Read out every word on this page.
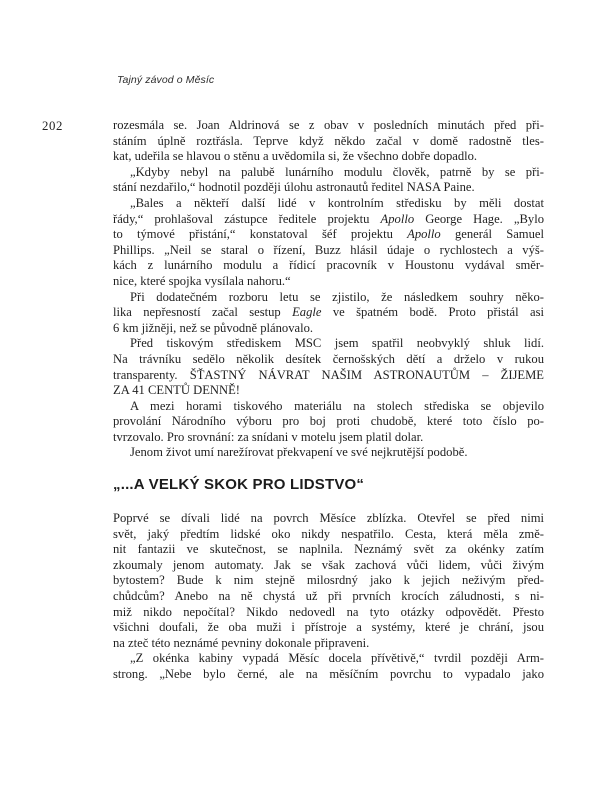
Tajný závod o Měsíc
202	rozesmála se. Joan Aldrinová se z obav v posledních minutách před při-
stáním úplně roztřásla. Teprve když někdo začal v domě radostně tles-
kat, udeřila se hlavou o stěnu a uvědomila si, že všechno dobře dopadlo.
„Kdyby nebyl na palubě lunárního modulu člověk, patrně by se při-
stání nezdařilo,“ hodnotil později úlohu astronautů ředitel NASA Paine.
„Bales a někteří další lidé v kontrolním středisku by měli dostat
řády,“ prohlašoval zástupce ředitele projektu Apollo George Hage. „Bylo
to týmové přistání,“ konstatoval šéf projektu Apollo generál Samuel
Phillips. „Neil se staral o řízení, Buzz hlásil údaje o rychlostech a výš-
kách z lunárního modulu a řídicí pracovník v Houstonu vydával směr-
nice, které spojka vysílala nahoru.“
Při dodatečném rozboru letu se zjistilo, že následkem souhry něko-
lika nepřesností začal sestup Eagle ve špatném bodě. Proto přistál asi
6 km jižněji, než se původně plánovalo.
Před tiskovým střediskem MSC jsem spatřil neobvyklý shluk lidí.
Na trávníku sedělo několik desítek černošských dětí a drželo v rukou
transparenty. ŠŤASTNÝ NÁVRAT NAŠIM ASTRONAUTŮM – ŽIJEME
ZA 41 CENTŮ DENNĚ!
A mezi horami tiskového materiálu na stolech střediska se objevilo
provolání Národního výboru pro boj proti chudobě, které toto číslo po-
tvrzovalo. Pro srovnání: za snídani v motelu jsem platil dolar.
Jenom život umí narežírovat překvapení ve své nejkrutější podobě.
„...A VELKÝ SKOK PRO LIDSTVO“
Poprvé se dívali lidé na povrch Měsíce zblízka. Otevřel se před nimi
svět, jaký předtím lidské oko nikdy nespatřilo. Cesta, která měla změ-
nit fantazii ve skutečnost, se naplnila. Neznámý svět za okénky zatím
zkoumaly jenom automaty. Jak se však zachová vůči lidem, vůči živým
bytostem? Bude k nim stejně milosrdný jako k jejich neživým před-
chůdcům? Anebo na ně chystá už při prvních krocích záludnosti, s ni-
miž nikdo nepočítal? Nikdo nedovedl na tyto otázky odpovědět. Přesto
všichni doufali, že oba muži i přístroje a systémy, které je chrání, jsou
na zteč této neznámé pevniny dokonale připraveni.
„Z okénka kabiny vypadá Měsíc docela přívětivě,“ tvrdil později Arm-
strong. „Nebe bylo černé, ale na měsíčním povrchu to vypadalo jako
